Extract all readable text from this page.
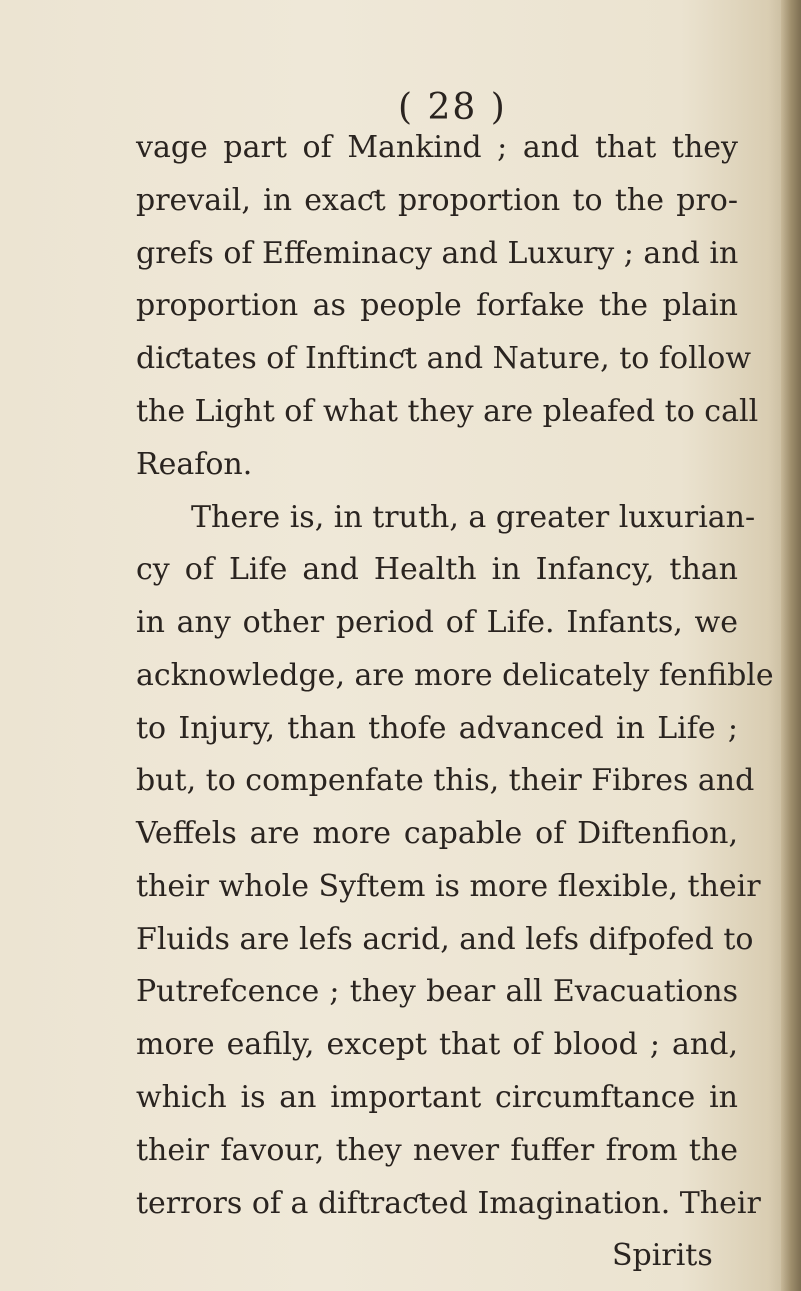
( 28 )
vage part of Mankind ; and that they
prevail, in exaƈt proportion to the pro-
grefs of Effeminacy and Luxury ; and in
proportion as people forfake the plain
diƈtates of Inftinƈt and Nature, to follow
the Light of what they are pleafed to call
Reafon.
There is, in truth, a greater luxurian-
cy of Life and Health in Infancy, than
in any other period of Life. Infants, we
acknowledge, are more delicately fenfible
to Injury, than thofe advanced in Life ;
but, to compenfate this, their Fibres and
Veffels are more capable of Diftenfion,
their whole Syftem is more flexible, their
Fluids are lefs acrid, and lefs difpofed to
Putrefcence ; they bear all Evacuations
more eafily, except that of blood ; and,
which is an important circumftance in
their favour, they never fuffer from the
terrors of a diftraƈted Imagination. Their
Spirits
